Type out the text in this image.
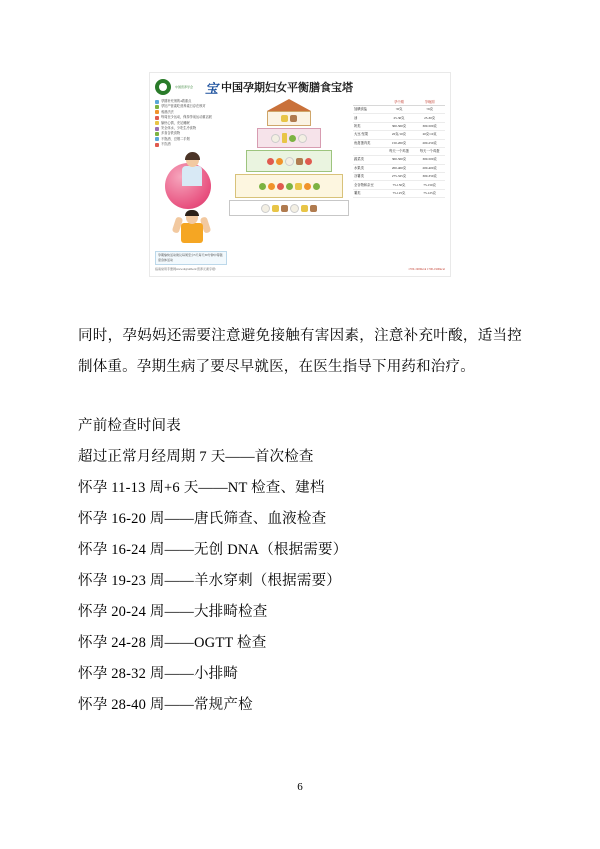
中国营养学会 宝 中国孕期妇女平衡膳食宝塔
孕期补充剂的4着重点
孕妇产营素吃营养素日存在核对
戒酒法法
每周至少运动，保持孕前运动重活跃
愉快心情，充足睡眠
安全体水，少吃生冷食物
多食含铁食物
不饱酒、忌烟二手烟
不饮酒
孕期愉快活动建议每周至少5天每天30分钟中等强度身体活动
	孕中期	孕晚期
加碘食盐	<6克	<6克
油	25-30克	25-30克
奶类	300-500克	300-500克
大豆/坚果	20克/10克	20克/10克
鱼禽蛋肉类	150-200克	200-250克
	每天一个鸡蛋	每天一个鸡蛋
蔬菜类	300-500克	300-500克
水果类	200-400克	200-400克
谷薯类	275-325克	300-350克
全谷物和杂豆	75-150克	75-150克
薯类	75-125克	75-125克
指南常用手册网www.dsyxxlh.cn/营养元素字塔/	1700-1900kcal 1700-1900kcal
同时，孕妈妈还需要注意避免接触有害因素，注意补充叶酸，适当控制体重。孕期生病了要尽早就医，在医生指导下用药和治疗。
产前检查时间表
超过正常月经周期 7 天——首次检查
怀孕 11-13 周+6 天——NT 检查、建档
怀孕 16-20 周——唐氏筛查、血液检查
怀孕 16-24 周——无创 DNA（根据需要）
怀孕 19-23 周——羊水穿刺（根据需要）
怀孕 20-24 周——大排畸检查
怀孕 24-28 周——OGTT 检查
怀孕 28-32 周——小排畸
怀孕 28-40 周——常规产检
6
